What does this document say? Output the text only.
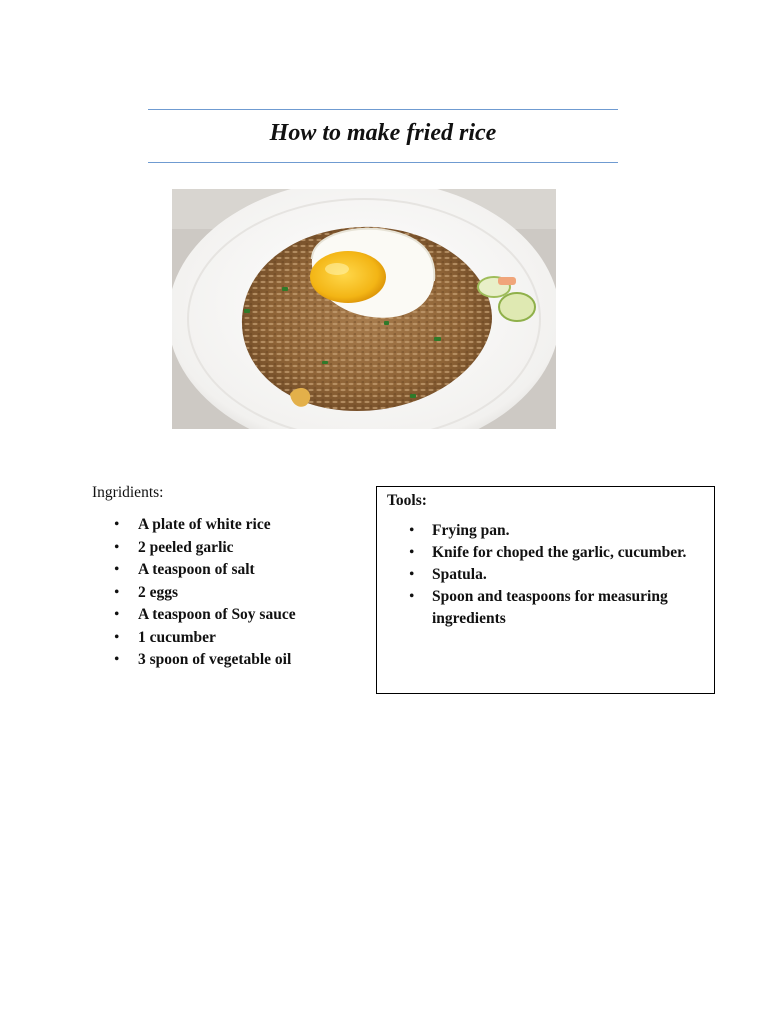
How to make fried rice

Ingridients:

• A plate of white rice
• 2 peeled garlic
• A teaspoon of salt
• 2 eggs
• A teaspoon of Soy sauce
• 1 cucumber
• 3 spoon of vegetable oil

Tools:

• Frying pan.
• Knife for choped the garlic, cucumber.
• Spatula.
• Spoon and teaspoons for measuring ingredients
